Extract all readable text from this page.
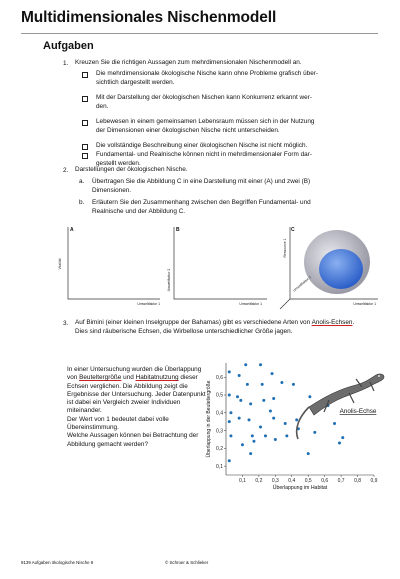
Multidimensionales Nischenmodell
Aufgaben
1. Kreuzen Sie die richtigen Aussagen zum mehrdimensionalen Nischenmodell an.
Die mehrdimensionale ökologische Nische kann ohne Probleme grafisch über-
sichtlich dargestellt werden.
Mit der Darstellung der ökologischen Nischen kann Konkurrenz erkannt wer-
den.
Lebewesen in einem gemeinsamen Lebensraum müssen sich in der Nutzung
der Dimensionen einer ökologischen Nische nicht unterscheiden.
Die vollständige Beschreibung einer ökologischen Nische ist nicht möglich.
Fundamental- und Realnische können nicht in mehrdimensionaler Form dar-
gestellt werden.
2. Darstellungen der ökologischen Nische.
a. Übertragen Sie die Abbildung C in eine Darstellung mit einer (A) und zwei (B)
Dimensionen.
b. Erläutern Sie den Zusammenhang zwischen den Begriffen Fundamental- und
Realnische und der Abbildung C.
A
Vitalität
Umweltfaktor 1
B
Umweltfaktor 2
Umweltfaktor 1
C
Ressource 1
Umweltfaktor 1
Umweltfaktor 2
3. Auf Bimini (einer kleinen Inselgruppe der Bahamas) gibt es verschiedene Arten von Anolis-Echsen. Dies sind räuberische Echsen, die Wirbellose unterschiedlicher Größe jagen.
In einer Untersuchung wurden die Überlappung von Beuteltergröße und Habitatnutzung dieser Echsen verglichen. Die Abbildung zeigt die Ergebnisse der Untersuchung. Jeder Datenpunkt ist dabei ein Vergleich zweier Individuen miteinander.
Der Wert von 1 bedeutet dabei volle Übereinstimmung.
Welche Aussagen können bei Betrachtung der Abbildung gemacht werden?
0,1 0,2 0,3 0,4 0,5 0,6 0,7 0,8 0,9
0,1
0,2
0,3
0,4
0,5
0,6
Überlappung im Habitat
Überlappung in der Beutetiergröße	Anolis-Echse
9139 Aufgaben ökologische Nische 9	© Schroer & Schlieker
